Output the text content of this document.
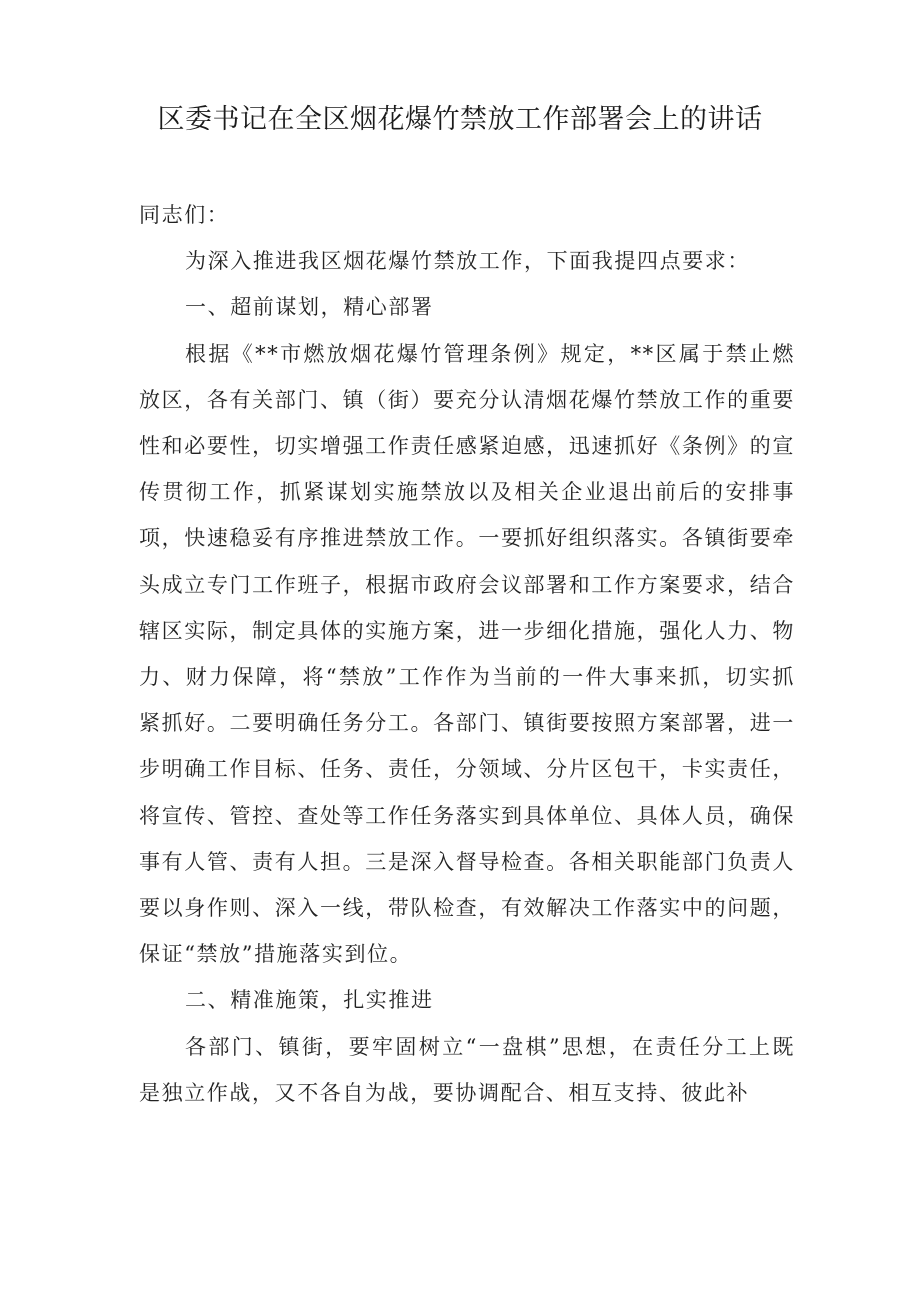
区委书记在全区烟花爆竹禁放工作部署会上的讲话

同志们：

为深入推进我区烟花爆竹禁放工作，下面我提四点要求：

一、超前谋划，精心部署

根据《**市燃放烟花爆竹管理条例》规定，**区属于禁止燃放区，各有关部门、镇（街）要充分认清烟花爆竹禁放工作的重要性和必要性，切实增强工作责任感紧迫感，迅速抓好《条例》的宣传贯彻工作，抓紧谋划实施禁放以及相关企业退出前后的安排事项，快速稳妥有序推进禁放工作。一要抓好组织落实。各镇街要牵头成立专门工作班子，根据市政府会议部署和工作方案要求，结合辖区实际，制定具体的实施方案，进一步细化措施，强化人力、物力、财力保障，将“禁放”工作作为当前的一件大事来抓，切实抓紧抓好。二要明确任务分工。各部门、镇街要按照方案部署，进一步明确工作目标、任务、责任，分领域、分片区包干，卡实责任，将宣传、管控、查处等工作任务落实到具体单位、具体人员，确保事有人管、责有人担。三是深入督导检查。各相关职能部门负责人要以身作则、深入一线，带队检查，有效解决工作落实中的问题，保证“禁放”措施落实到位。

二、精准施策，扎实推进

各部门、镇街，要牢固树立“一盘棋”思想，在责任分工上既是独立作战，又不各自为战，要协调配合、相互支持、彼此补
